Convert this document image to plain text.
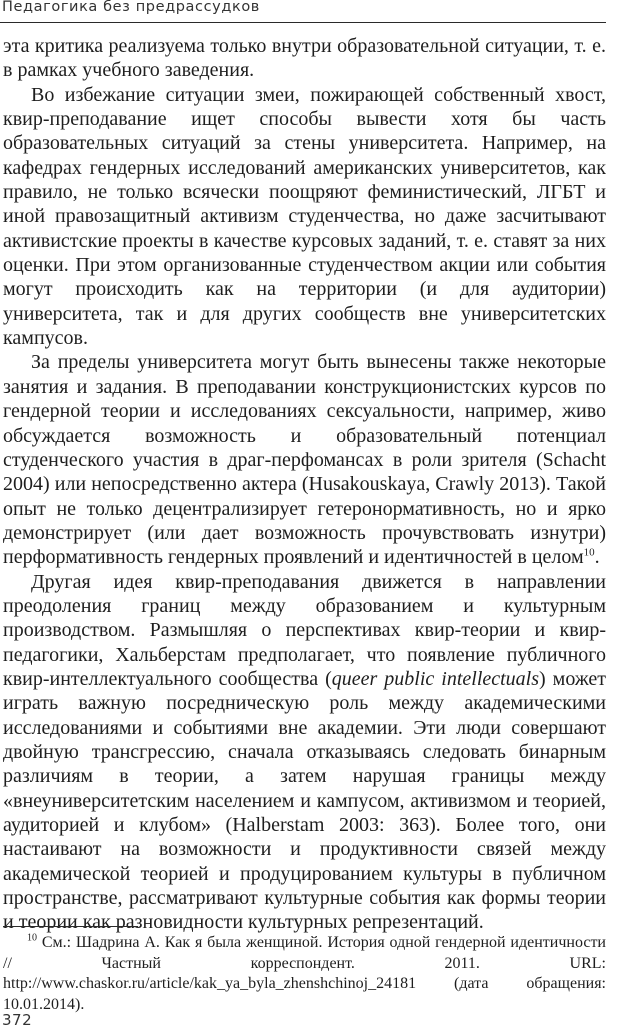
Педагогика без предрассудков

эта критика реализуема только внутри образовательной ситуации, т. е. в рамках учебного заведения.

Во избежание ситуации змеи, пожирающей собственный хвост, квир-преподавание ищет способы вывести хотя бы часть образовательных ситуаций за стены университета. Например, на кафедрах гендерных исследований американских университетов, как правило, не только всячески поощряют феминистический, ЛГБТ и иной правозащитный активизм студенчества, но даже засчитывают активистские проекты в качестве курсовых заданий, т. е. ставят за них оценки. При этом организованные студенчеством акции или события могут происходить как на территории (и для аудитории) университета, так и для других сообществ вне университетских кампусов.

За пределы университета могут быть вынесены также некоторые занятия и задания. В преподавании конструкционистских курсов по гендерной теории и исследованиях сексуальности, например, живо обсуждается возможность и образовательный потенциал студенческого участия в драг-перфомансах в роли зрителя (Schacht 2004) или непосредственно актера (Husakouskaya, Crawly 2013). Такой опыт не только децентрализирует гетеронормативность, но и ярко демонстрирует (или дает возможность прочувствовать изнутри) перформативность гендерных проявлений и идентичностей в целом$^{10}$.

Другая идея квир-преподавания движется в направлении преодоления границ между образованием и культурным производством. Размышляя о перспективах квир-теории и квир-педагогики, Хальберстам предполагает, что появление публичного квир-интеллектуального сообщества (queer public intellectuals) может играть важную посредническую роль между академическими исследованиями и событиями вне академии. Эти люди совершают двойную трансгрессию, сначала отказываясь следовать бинарным различиям в теории, а затем нарушая границы между «внеуниверситетским населением и кампусом, активизмом и теорией, аудиторией и клубом» (Halberstam 2003: 363). Более того, они настаивают на возможности и продуктивности связей между академической теорией и продуцированием культуры в публичном пространстве, рассматривают культурные события как формы теории и теории как разновидности культурных репрезентаций.

$^{10}$ См.: Шадрина А. Как я была женщиной. История одной гендерной идентичности // Частный корреспондент. 2011. URL: http://www.chaskor.ru/article/kak_ya_byla_zhenshchinoj_24181 (дата обращения: 10.01.2014).
372
